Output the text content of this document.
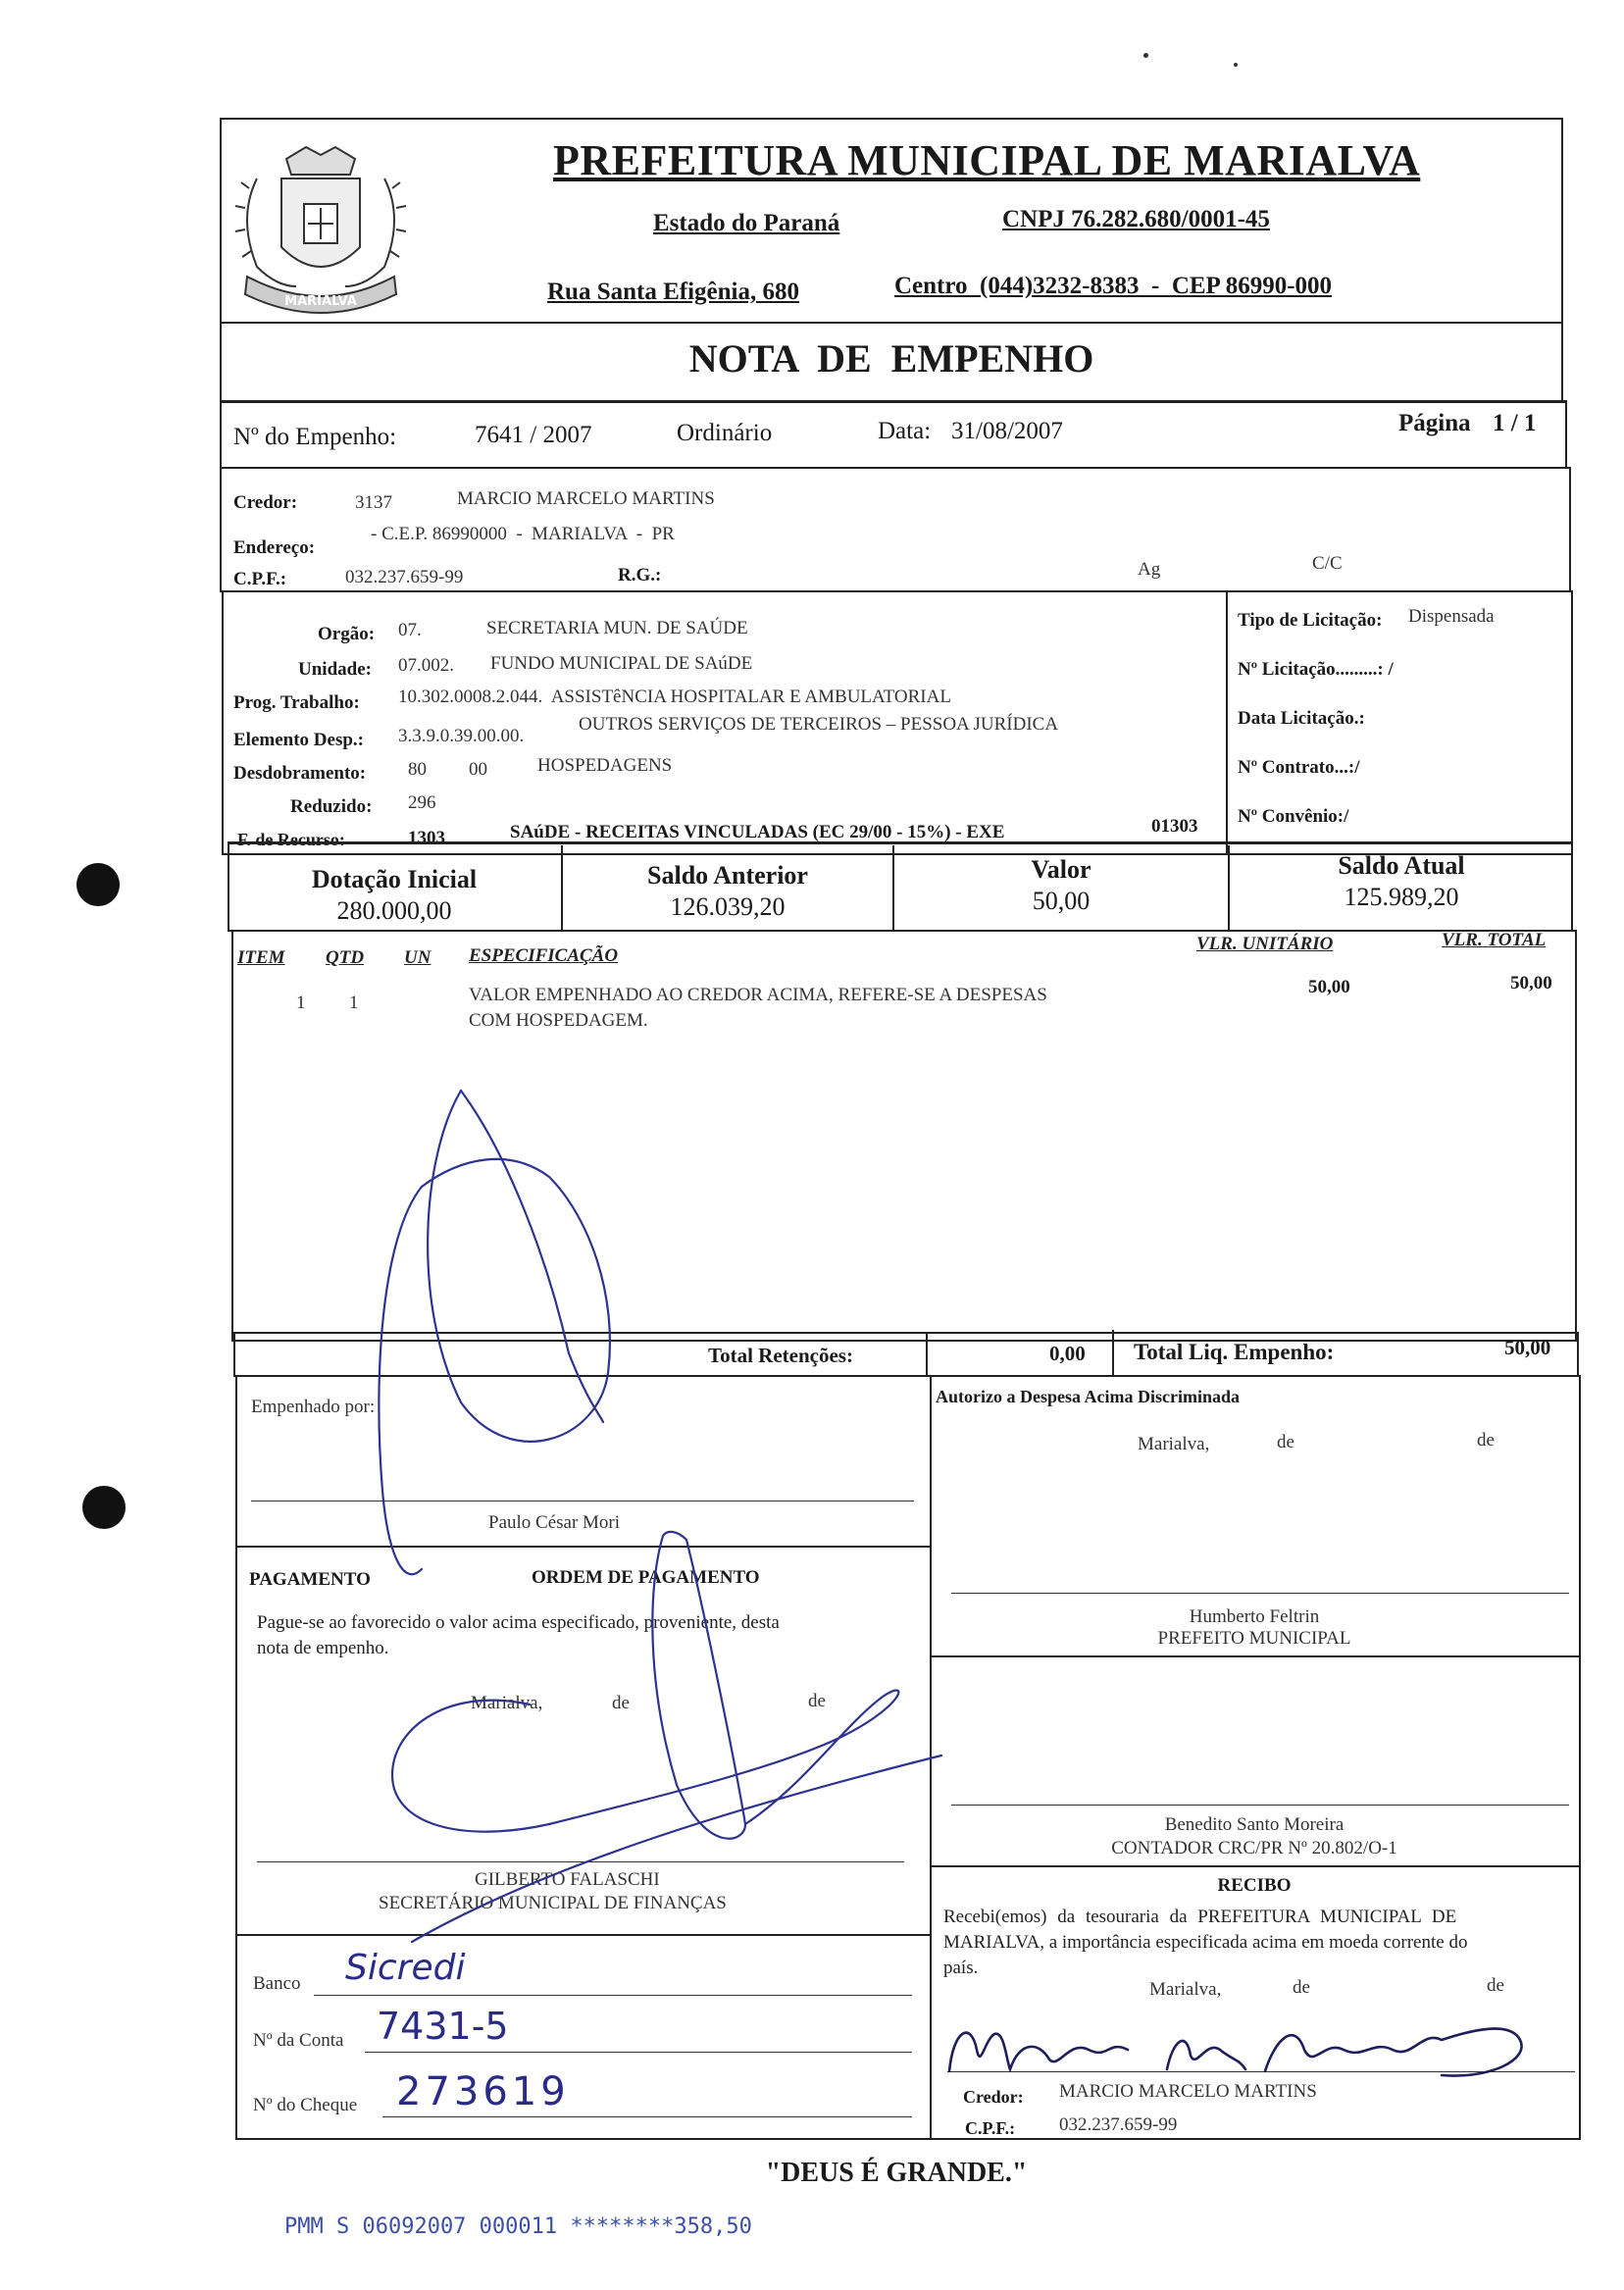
MARIALVA
PREFEITURA MUNICIPAL DE MARIALVA
Estado do Paraná	CNPJ 76.282.680/0001-45
Rua Santa Efigênia, 680	Centro  (044)3232-8383  -  CEP 86990-000
NOTA  DE  EMPENHO
Nº do Empenho:	7641 / 2007	Ordinário	Data: 31/08/2007	Página 1 / 1
Credor:	3137	MARCIO MARCELO MARTINS
Endereço:
- C.E.P. 86990000  -  MARIALVA  -  PR
C.P.F.:	032.237.659-99	R.G.:	Ag	C/C
Orgão: 07.	SECRETARIA MUN. DE SAÚDE
Unidade: 07.002. FUNDO MUNICIPAL DE SAúDE
Prog. Trabalho: 10.302.0008.2.044.  ASSISTêNCIA HOSPITALAR E AMBULATORIAL
Elemento Desp.: 3.3.9.0.39.00.00.
OUTROS SERVIÇOS DE TERCEIROS – PESSOA JURÍDICA
Desdobramento: 80 00	HOSPEDAGENS
Reduzido: 296
F. de Recurso:	1303	SAúDE - RECEITAS VINCULADAS (EC 29/00 - 15%) - EXE	01303
Tipo de Licitação: Dispensada
Nº Licitação.........: /
Data Licitação.:
Nº Contrato...:/
Nº Convênio:/
Dotação Inicial
280.000,00
Saldo Anterior
126.039,20
Valor
50,00
Saldo Atual
125.989,20
ITEM QTD UN ESPECIFICAÇÃO
VLR. UNITÁRIO	VLR. TOTAL
1 1	VALOR EMPENHADO AO CREDOR ACIMA, REFERE-SE A DESPESAS
COM HOSPEDAGEM.
50,00	50,00
Total Retenções:	0,00 Total Liq. Empenho:	50,00
Empenhado por:
Paulo César Mori
PAGAMENTO	ORDEM DE PAGAMENTO
Pague-se ao favorecido o valor acima especificado, proveniente, desta
nota de empenho.
Marialva,	de	de
GILBERTO FALASCHI
SECRETÁRIO MUNICIPAL DE FINANÇAS
Banco Sicredi
Nº da Conta 7431-5
Nº do Cheque 273619
Autorizo a Despesa Acima Discriminada
Marialva,	de	de
Humberto Feltrin
PREFEITO MUNICIPAL
Benedito Santo Moreira
CONTADOR CRC/PR Nº 20.802/O-1
RECIBO
Recebi(emos) da tesouraria da PREFEITURA MUNICIPAL DE
MARIALVA, a importância especificada acima em moeda corrente do
país.
Marialva,	de	de
Credor: MARCIO MARCELO MARTINS
C.P.F.: 032.237.659-99
"DEUS É GRANDE."
PMM S 06092007 000011 ********358,50
